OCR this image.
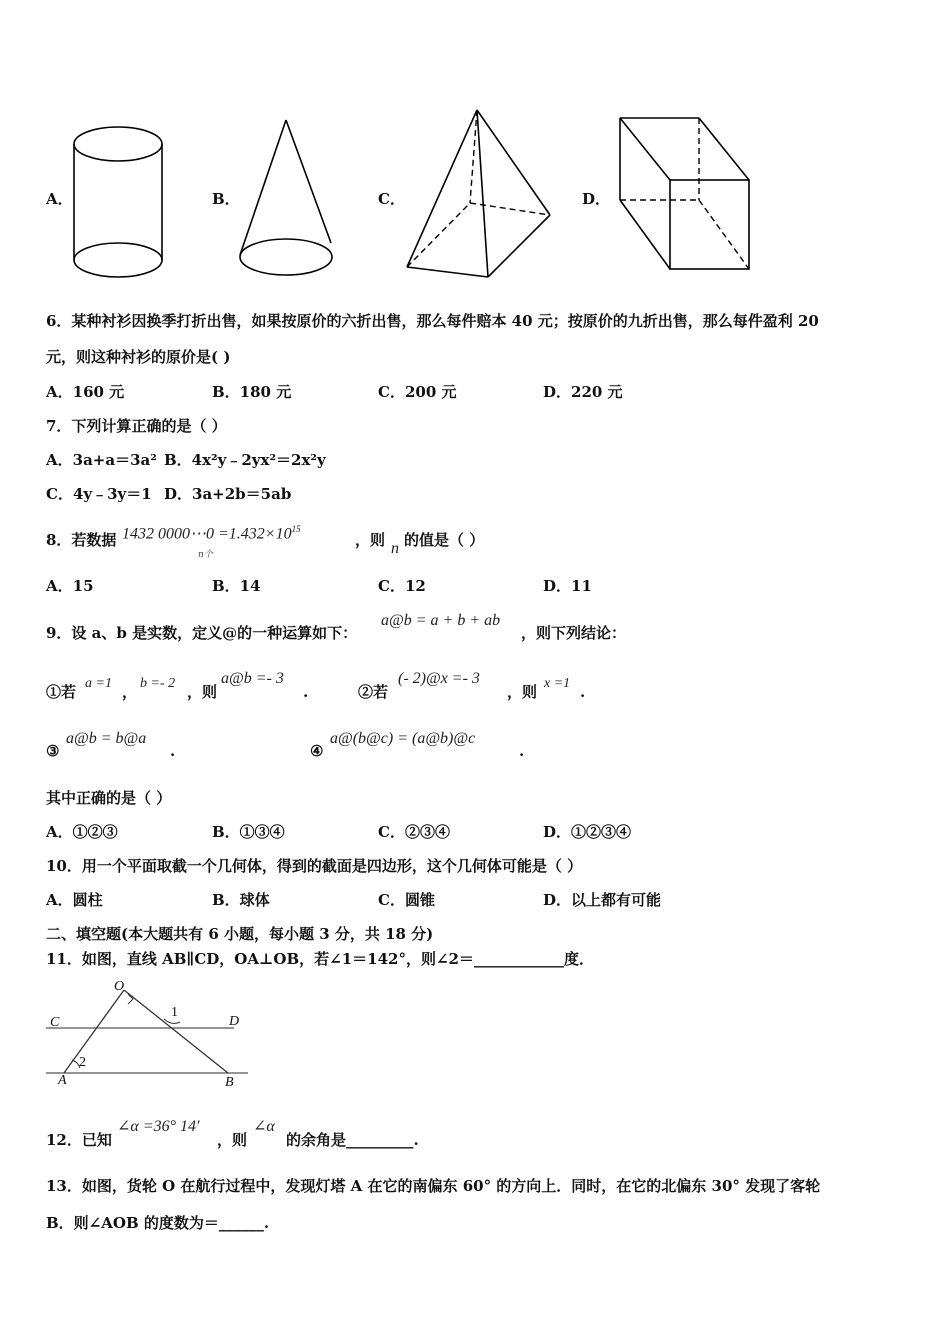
A．	B．	C．	D．
6．某种衬衫因换季打折出售，如果按原价的六折出售，那么每件赔本 40 元；按原价的九折出售，那么每件盈利 20
元，则这种衬衫的原价是( )
A．160 元	B．180 元	C．200 元	D．220 元
7．下列计算正确的是（ ）
A．3a+a＝3a² B．4x²y﹣2yx²＝2x²y
C．4y﹣3y＝1 D．3a+2b＝5ab
8．若数据 1432 0000⋯0 $=1.432\times 10^{15}$
n个
，则 n 的值是（ ）
A．15	B．14	C．12	D．11
9．设 a、b 是实数，定义@的一种运算如下：
a@b = a + b + ab
，则下列结论：
①若 a =1 ， b =- 2 ，则
a@b =- 3
.	②若
(- 2)@x =- 3
，则 x =1 .
③
a@b = b@a
.	④
a@(b@c) = (a@b)@c
.
其中正确的是（ ）
A．①②③	B．①③④	C．②③④	D．①②③④
10．用一个平面取截一个几何体，得到的截面是四边形，这个几何体可能是（ ）
A．圆柱	B．球体	C．圆锥	D．以上都有可能
二、填空题(本大题共有 6 小题，每小题 3 分，共 18 分)
11．如图，直线 AB∥CD，OA⊥OB，若∠1＝142°，则∠2＝____________度．
O
C	D
A	B
1
2
12．已知
∠α =36° 14′
，则
∠α
的余角是_________.
13．如图，货轮 O 在航行过程中，发现灯塔 A 在它的南偏东 60° 的方向上．同时，在它的北偏东 30° 发现了客轮
B．则∠AOB 的度数为＝______.
